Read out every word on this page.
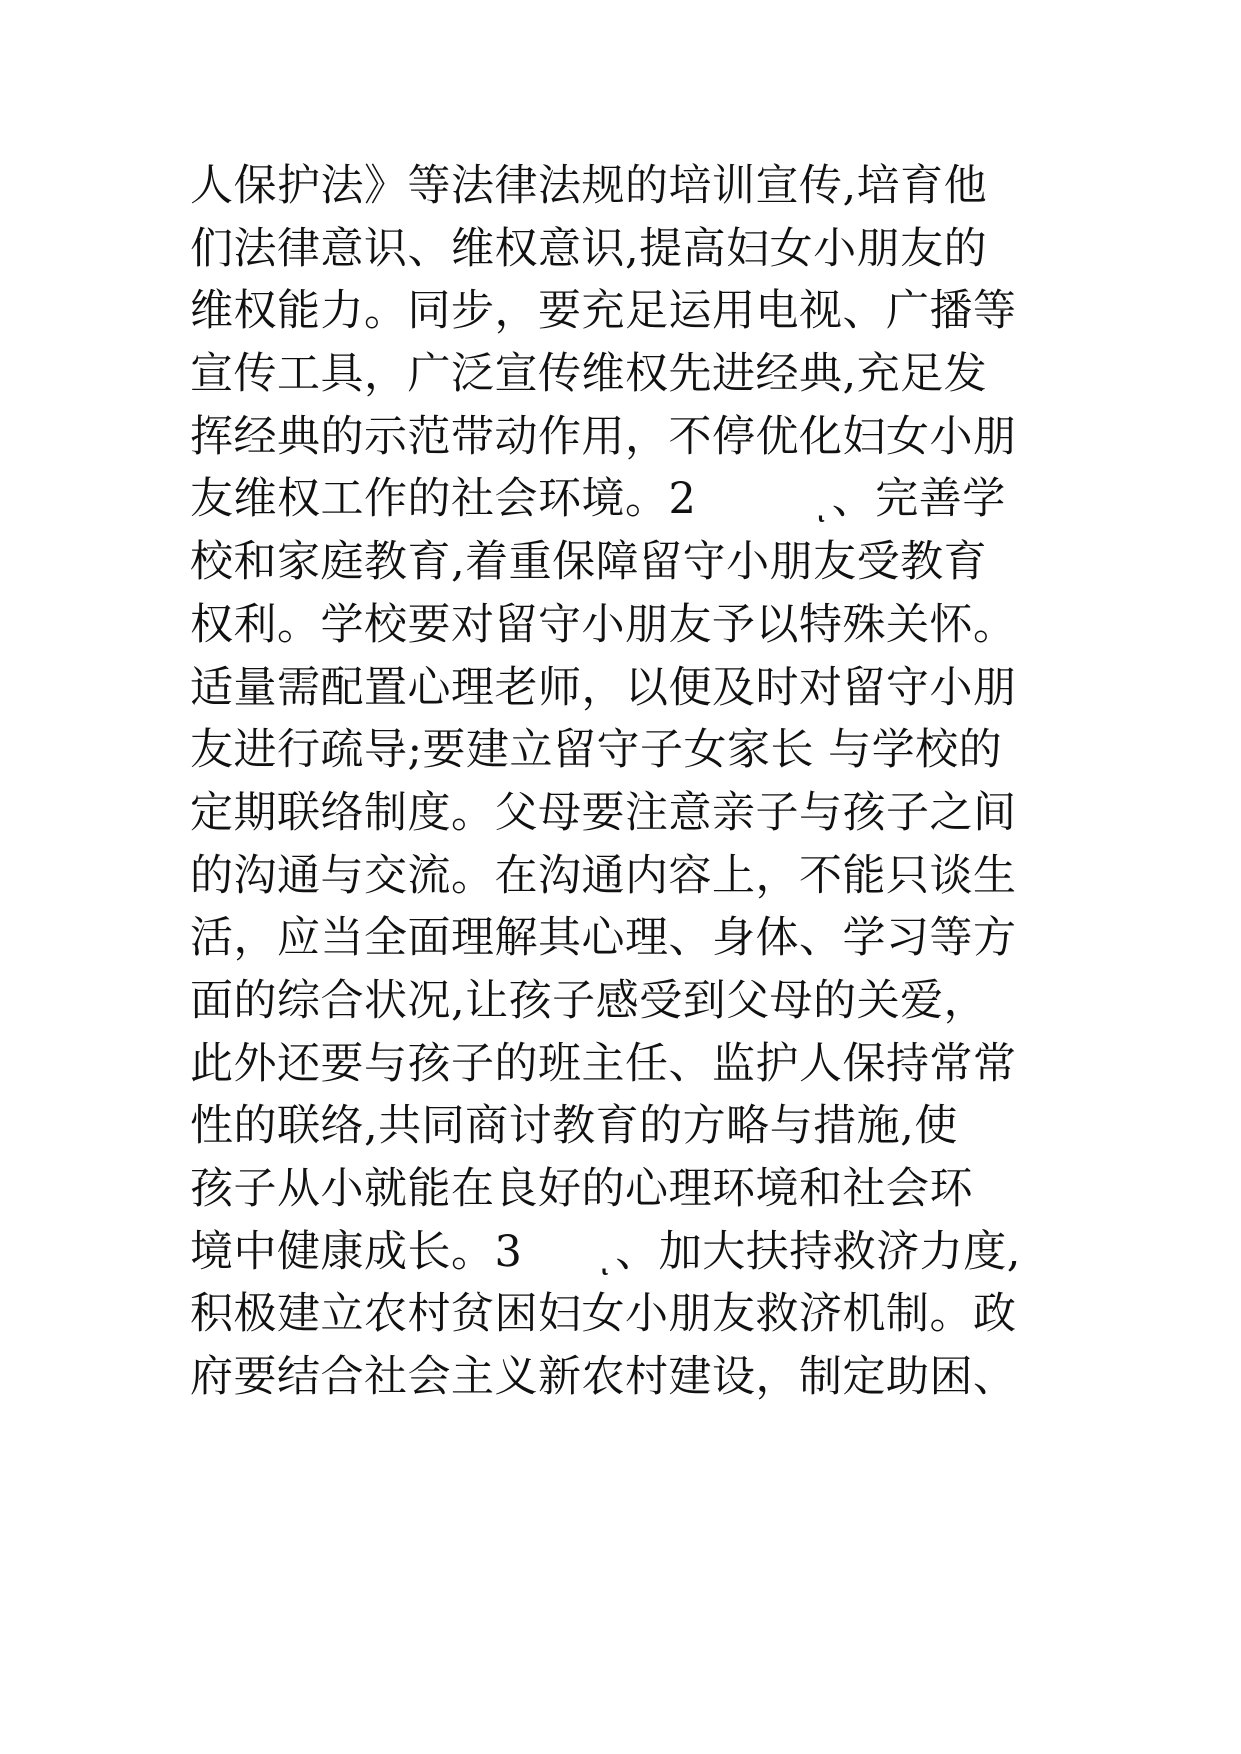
人保护法》等法律法规的培训宣传,培育他
们法律意识、维权意识,提高妇女小朋友的
维权能力。同步，要充足运用电视、广播等
宣传工具，广泛宣传维权先进经典,充足发
挥经典的示范带动作用，不停优化妇女小朋
友维权工作的社会环境。2        ͺ、完善学
校和家庭教育,着重保障留守小朋友受教育
权利。学校要对留守小朋友予以特殊关怀。
适量需配置心理老师，以便及时对留守小朋
友进行疏导;要建立留守子女家长 与学校的
定期联络制度。父母要注意亲子与孩子之间
的沟通与交流。在沟通内容上，不能只谈生
活，应当全面理解其心理、身体、学习等方
面的综合状况,让孩子感受到父母的关爱，
此外还要与孩子的班主任、监护人保持常常
性的联络,共同商讨教育的方略与措施,使
孩子从小就能在良好的心理环境和社会环
境中健康成长。3     ͺ、加大扶持救济力度,
积极建立农村贫困妇女小朋友救济机制。政
府要结合社会主义新农村建设，制定助困、
